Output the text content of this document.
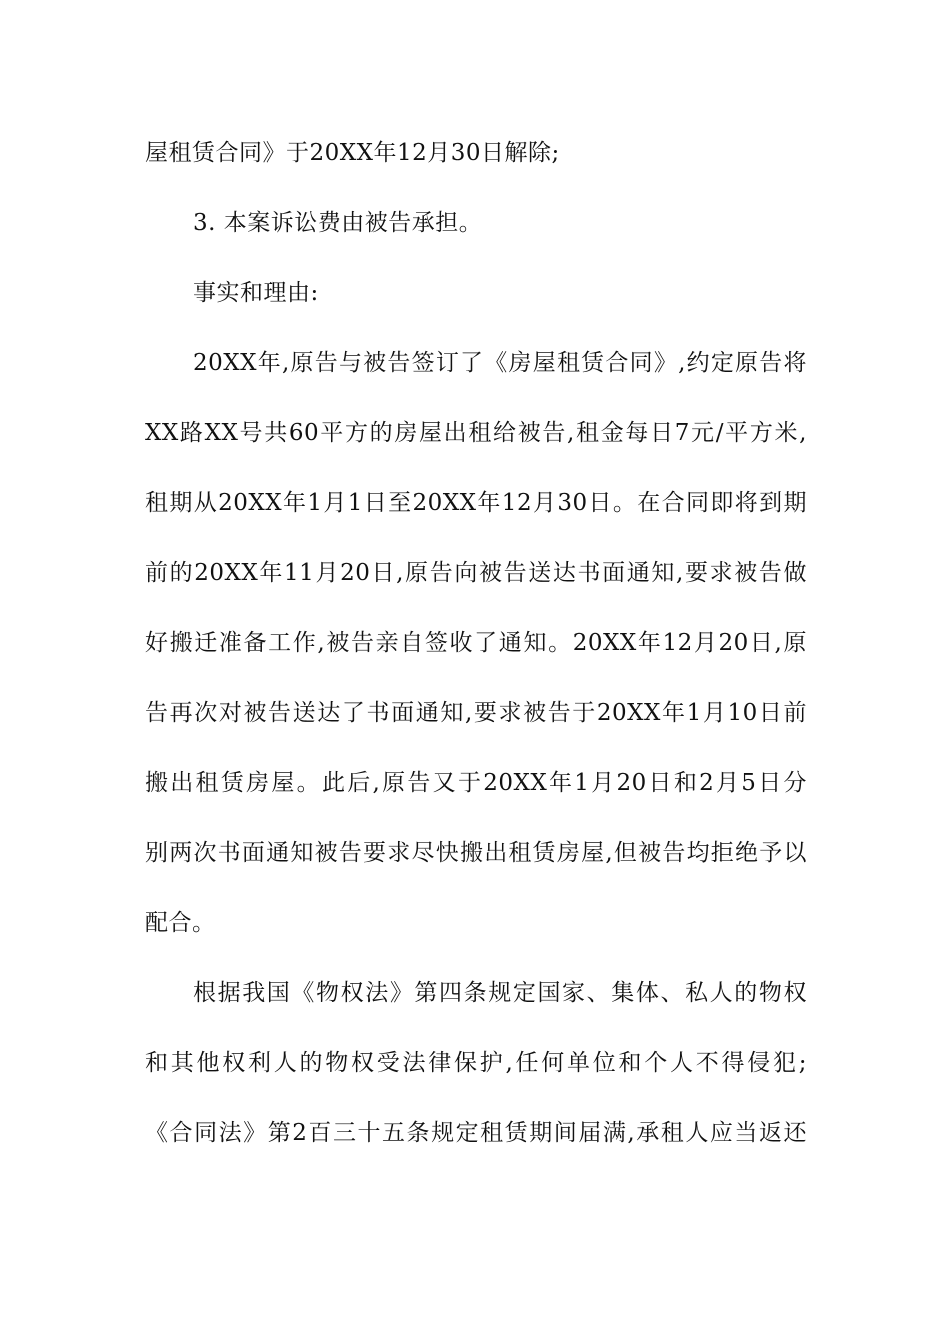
屋租赁合同》于20XX年12月30日解除;
3. 本案诉讼费由被告承担。
事实和理由:
20XX年,原告与被告签订了《房屋租赁合同》,约定原告将
XX路XX号共60平方的房屋出租给被告,租金每日7元/平方米,
租期从20XX年1月1日至20XX年12月30日。在合同即将到期
前的20XX年11月20日,原告向被告送达书面通知,要求被告做
好搬迁准备工作,被告亲自签收了通知。20XX年12月20日,原
告再次对被告送达了书面通知,要求被告于20XX年1月10日前
搬出租赁房屋。此后,原告又于20XX年1月20日和2月5日分
别两次书面通知被告要求尽快搬出租赁房屋,但被告均拒绝予以
配合。
根据我国《物权法》第四条规定国家、集体、私人的物权
和其他权利人的物权受法律保护,任何单位和个人不得侵犯;
《合同法》第2百三十五条规定租赁期间届满,承租人应当返还
